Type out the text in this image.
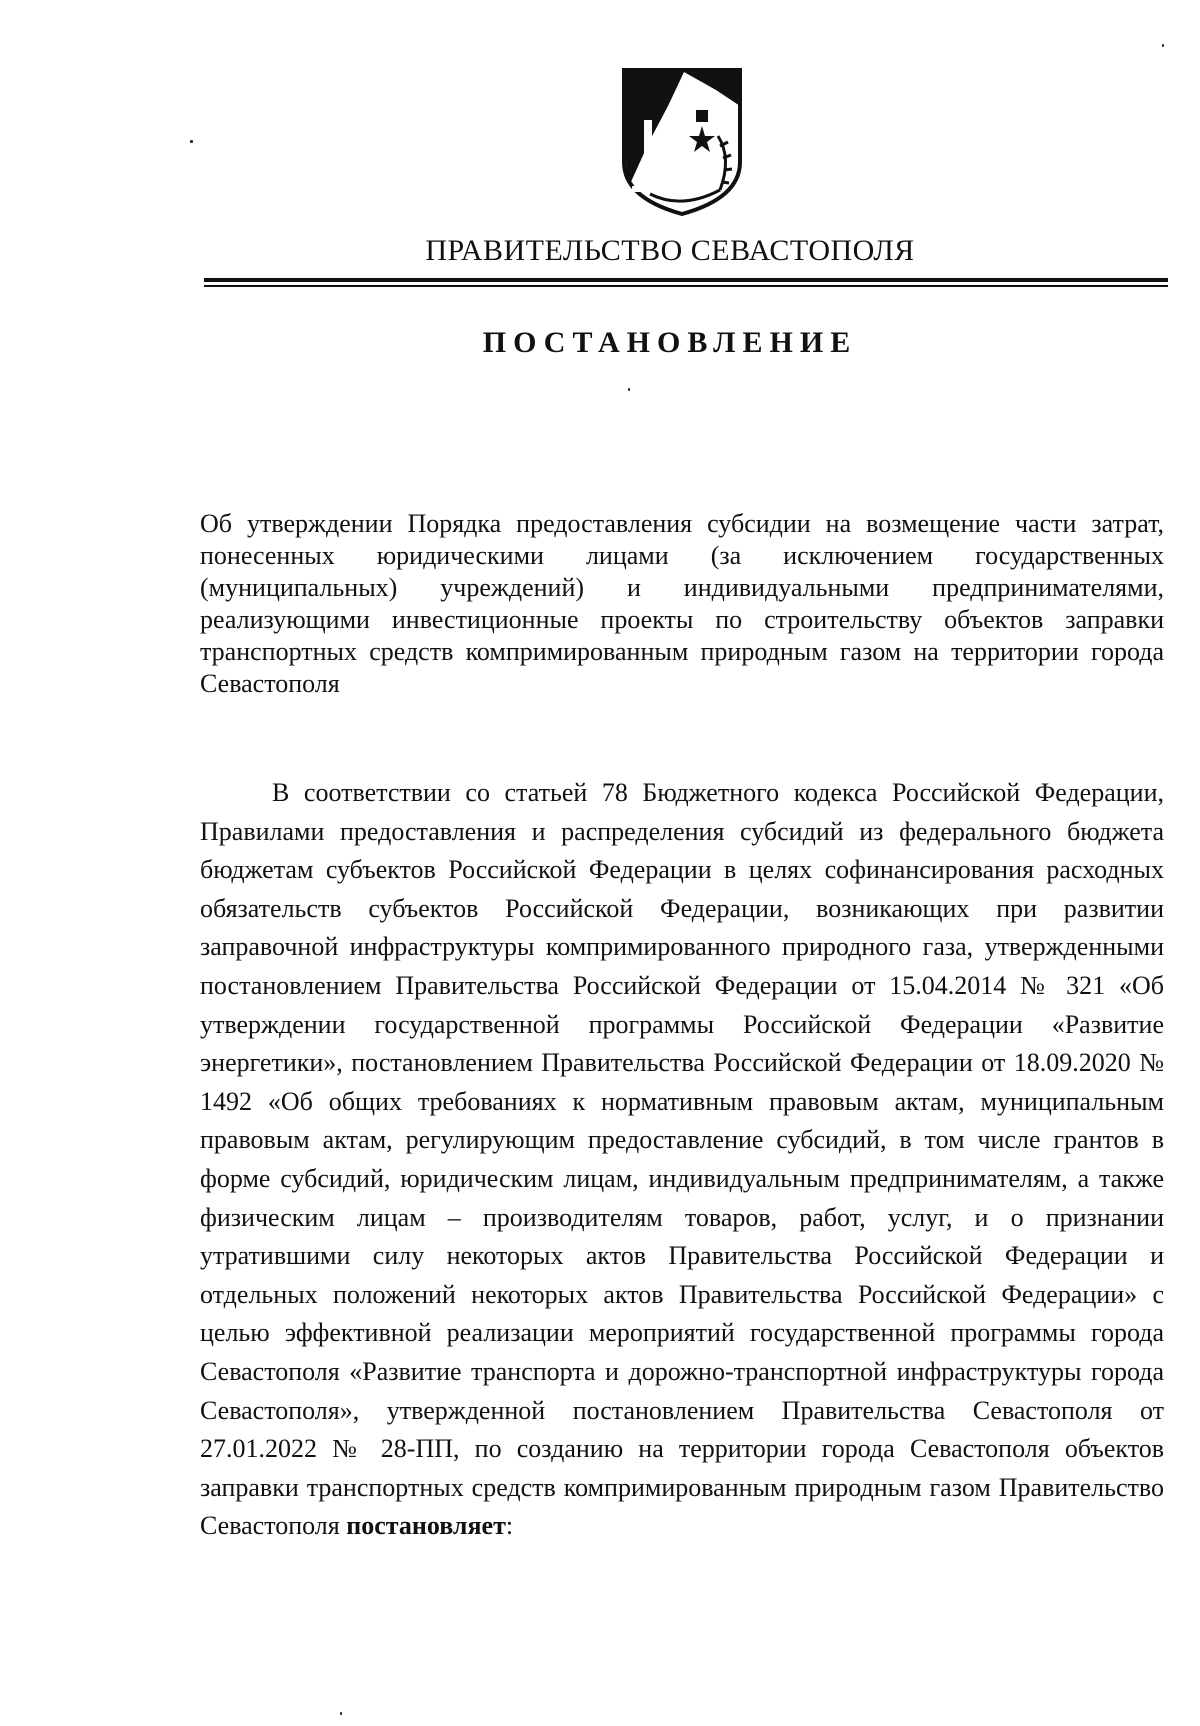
ПРАВИТЕЛЬСТВО СЕВАСТОПОЛЯ
ПОСТАНОВЛЕНИЕ
Об утверждении Порядка предоставления субсидии на возмещение части затрат, понесенных юридическими лицами (за исключением государственных (муниципальных) учреждений) и индивидуальными предпринимателями, реализующими инвестиционные проекты по строительству объектов заправки транспортных средств компримированным природным газом на территории города Севастополя

В соответствии со статьей 78 Бюджетного кодекса Российской Федерации, Правилами предоставления и распределения субсидий из федерального бюджета бюджетам субъектов Российской Федерации в целях софинансирования расходных обязательств субъектов Российской Федерации, возникающих при развитии заправочной инфраструктуры компримированного природного газа, утвержденными постановлением Правительства Российской Федерации от 15.04.2014 № 321 «Об утверждении государственной программы Российской Федерации «Развитие энергетики», постановлением Правительства Российской Федерации от 18.09.2020 № 1492 «Об общих требованиях к нормативным правовым актам, муниципальным правовым актам, регулирующим предоставление субсидий, в том числе грантов в форме субсидий, юридическим лицам, индивидуальным предпринимателям, а также физическим лицам – производителям товаров, работ, услуг, и о признании утратившими силу некоторых актов Правительства Российской Федерации и отдельных положений некоторых актов Правительства Российской Федерации» с целью эффективной реализации мероприятий государственной программы города Севастополя «Развитие транспорта и дорожно-транспортной инфраструктуры города Севастополя», утвержденной постановлением Правительства Севастополя от 27.01.2022 № 28-ПП, по созданию на территории города Севастополя объектов заправки транспортных средств компримированным природным газом Правительство Севастополя постановляет:
